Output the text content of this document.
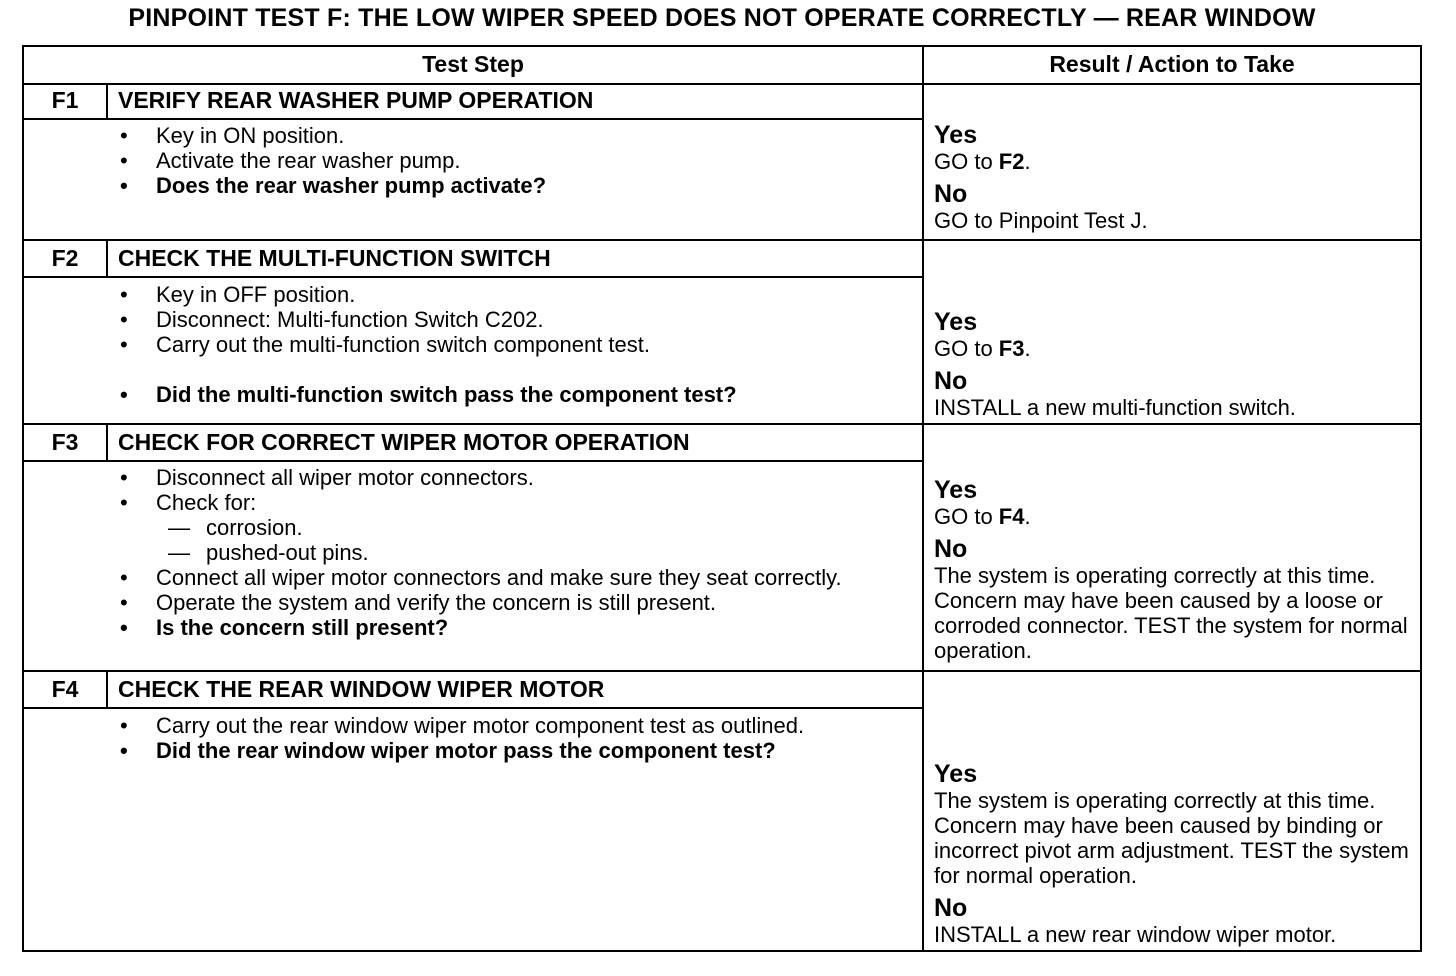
PINPOINT TEST F: THE LOW WIPER SPEED DOES NOT OPERATE CORRECTLY — REAR WINDOW
Test Step	Result / Action to Take
F1	VERIFY REAR WASHER PUMP OPERATION
• Key in ON position.
• Activate the rear washer pump.
• Does the rear washer pump activate?
Yes
GO to F2.
No
GO to Pinpoint Test J.
F2	CHECK THE MULTI-FUNCTION SWITCH
• Key in OFF position.
• Disconnect: Multi-function Switch C202.
• Carry out the multi-function switch component test.
• Did the multi-function switch pass the component test?
Yes
GO to F3.
No
INSTALL a new multi-function switch.
F3	CHECK FOR CORRECT WIPER MOTOR OPERATION
• Disconnect all wiper motor connectors.
• Check for:
— corrosion.
— pushed-out pins.
• Connect all wiper motor connectors and make sure they seat correctly.
• Operate the system and verify the concern is still present.
• Is the concern still present?
Yes
GO to F4.
No
The system is operating correctly at this time. Concern may have been caused by a loose or corroded connector. TEST the system for normal operation.
F4	CHECK THE REAR WINDOW WIPER MOTOR
• Carry out the rear window wiper motor component test as outlined.
• Did the rear window wiper motor pass the component test?
Yes
The system is operating correctly at this time. Concern may have been caused by binding or incorrect pivot arm adjustment. TEST the system for normal operation.
No
INSTALL a new rear window wiper motor.
